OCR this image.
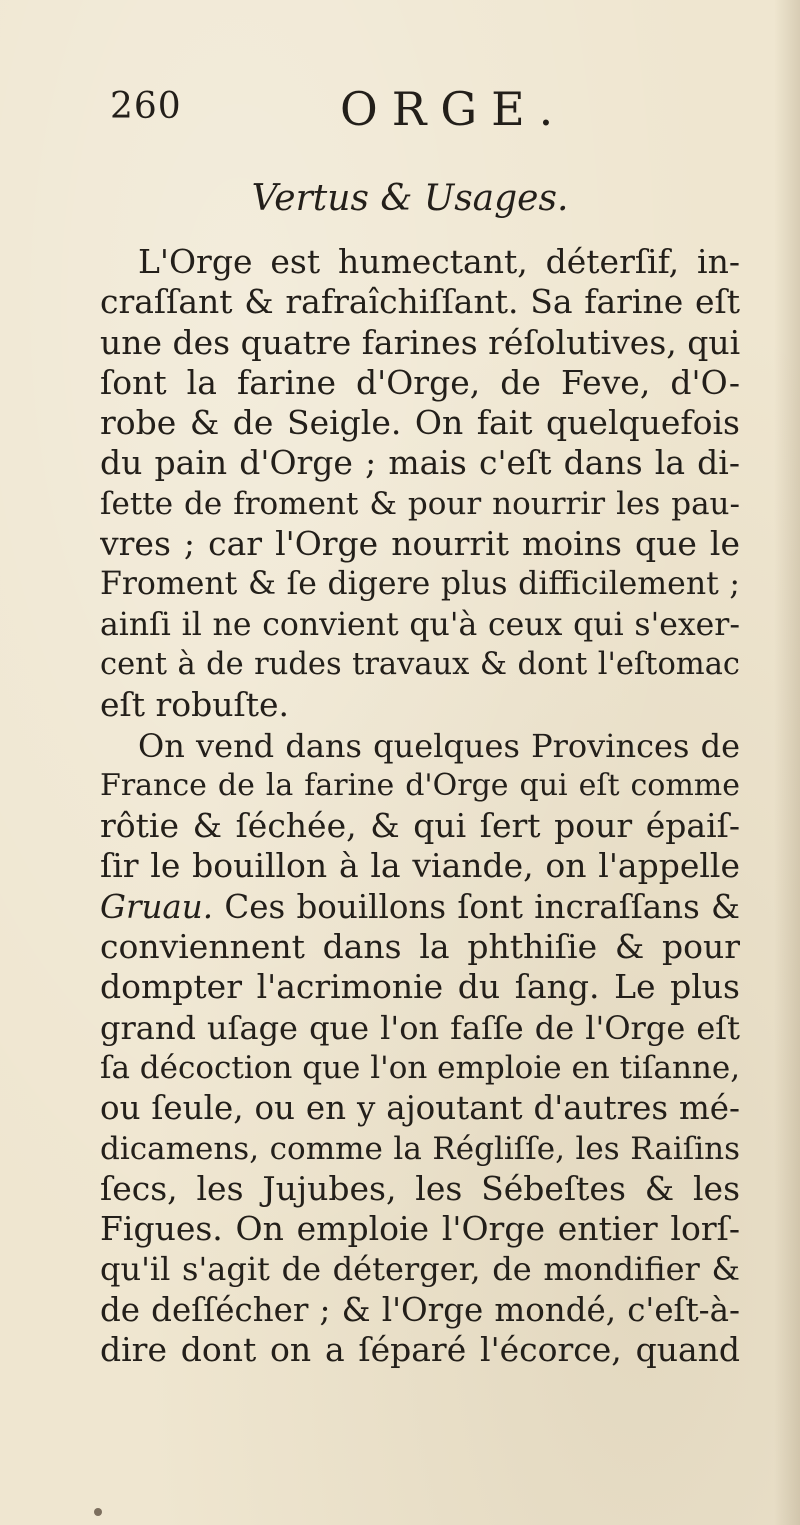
260	ORGE.
Vertus & Usages.
L'Orge est humectant, déterſif, in-
craſſant & rafraîchiſſant. Sa farine eſt
une des quatre farines réſolutives, qui
ſont la farine d'Orge, de Feve, d'O-
robe & de Seigle. On fait quelquefois
du pain d'Orge ; mais c'eſt dans la di-
ſette de froment & pour nourrir les pau-
vres ; car l'Orge nourrit moins que le
Froment & ſe digere plus difficilement ;
ainſi il ne convient qu'à ceux qui s'exer-
cent à de rudes travaux & dont l'eſtomac
eſt robuſte.
On vend dans quelques Provinces de
France de la farine d'Orge qui eſt comme
rôtie & ſéchée, & qui ſert pour épaiſ-
ſir le bouillon à la viande, on l'appelle
Gruau. Ces bouillons ſont incraſſans &
conviennent dans la phthiſie & pour
dompter l'acrimonie du ſang. Le plus
grand uſage que l'on faſſe de l'Orge eſt
ſa décoction que l'on emploie en tiſanne,
ou ſeule, ou en y ajoutant d'autres mé-
dicamens, comme la Régliſſe, les Raiſins
ſecs, les Jujubes, les Sébeſtes & les
Figues. On emploie l'Orge entier lorſ-
qu'il s'agit de déterger, de mondifier &
de deſſécher ; & l'Orge mondé, c'eſt-à-
dire dont on a ſéparé l'écorce, quand
